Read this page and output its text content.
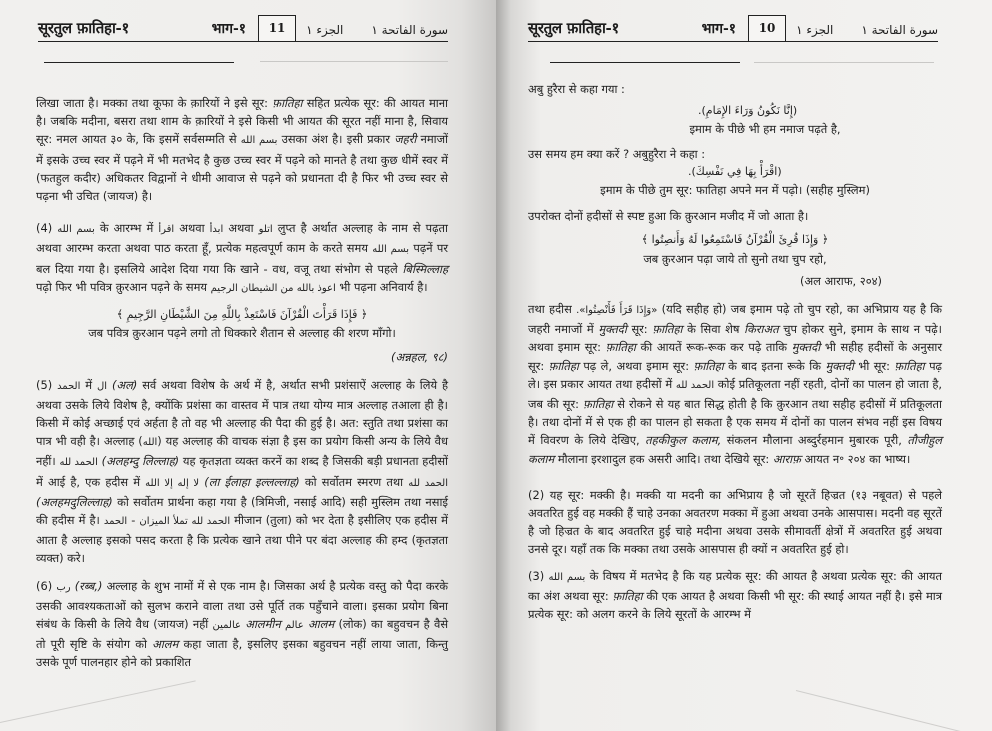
सूरतुल फ़ातिहा-१	भाग-१	11	الجزء ١ سورة الفاتحة ١

लिखा जाता है। मक्का तथा कूफा के क़ारियों ने इसे सूर: फ़ातिहा सहित प्रत्येक सूर: की आयत माना है। जबकि मदीना, बसरा तथा शाम के क़ारियों ने इसे किसी भी आयत की सूरत नहीं माना है, सिवाय सूर: नमल आयत ३० के, कि इसमें सर्वसम्मति से بسم الله उसका अंश है। इसी प्रकार जहरी नमाजों में इसके उच्च स्वर में पढ़ने में भी मतभेद है कुछ उच्च स्वर में पढ़ने को मानते है तथा कुछ धीमें स्वर में (फतहुल कदीर) अधिकतर विद्वानों ने धीमी आवाज से पढ़ने को प्रधानता दी है फिर भी उच्च स्वर से पढ़ना भी उचित (जायज) है।

(4) بسم الله के आरम्भ में اقرأ अथवा ابدأ अथवा اتلو लुप्त है अर्थात अल्लाह के नाम से पढ़ता अथवा आरम्भ करता अथवा पाठ करता हूँ, प्रत्येक महत्वपूर्ण काम के करते समय بسم الله पढ़नें पर बल दिया गया है। इसलिये आदेश दिया गया कि खाने - वध, वजू तथा संभोग से पहले बिस्मिल्लाह पढ़ो फिर भी पवित्र क़ुरआन पढ़ने के समय اعوذ بالله من الشيطان الرجيم भी पढ़ना अनिवार्य है।

﴿ فَإِذَا قَرَأْتَ الْقُرْآنَ فَاسْتَعِذْ بِاللَّهِ مِنَ الشَّيْطَانِ الرَّجِيمِ ﴾

जब पवित्र क़ुरआन पढ़ने लगो तो धिक्कारे शैतान से अल्लाह की शरण माँगो।

(अन्नहल, ९८)

(5) الحمد में ال (अल) सर्व अथवा विशेष के अर्थ में है, अर्थात सभी प्रशंसाऐं अल्लाह के लिये है अथवा उसके लिये विशेष है, क्योंकि प्रशंसा का वास्तव में पात्र तथा योग्य मात्र अल्लाह तआला ही है। किसी में कोई अच्छाई एवं अर्हता है तो वह भी अल्लाह की पैदा की हुई है। अत: स्तुति तथा प्रशंसा का पात्र भी वही है। अल्लाह (الله) यह अल्लाह की वाचक संज्ञा है इस का प्रयोग किसी अन्य के लिये वैध नहीं। الحمد لله (अलहम्दु लिल्लाह) यह कृतज्ञता व्यक्त करनें का शब्द है जिसकी बड़ी प्रधानता हदीसों में आई है, एक हदीस में لا إله إلا الله (ला ईलाहा इल्लल्लाह) को सर्वोतम स्मरण तथा الحمد لله (अलहमदुलिल्लाह) को सर्वोतम प्रार्थना कहा गया है (त्रिमिजी, नसाई आदि) सही मुस्लिम तथा नसाई की हदीस में है।	الحمد لله تملأ الميزان - الحمد	मीजान (तुला) को भर देता है इसीलिए एक हदीस में आता है अल्लाह इसको पसद करता है कि प्रत्येक खाने तथा पीने पर बंदा अल्लाह की हम्द (कृतज्ञता व्यक्त) करे।

(6) رب (रब्ब,) अल्लाह के शुभ नामों में से एक नाम है। जिसका अर्थ है प्रत्येक वस्तु को पैदा करके उसकी आवश्यकताओं को सुलभ कराने वाला तथा उसे पूर्ति तक पहुँचाने वाला। इसका प्रयोग बिना संबंध के किसी के लिये वैध (जायज) नहीं عالمين आलमीन عالم आलम (लोक) का बहुवचन है वैसे तो पूरी सृष्टि के संयोग को आलम कहा जाता है, इसलिए इसका बहुवचन नहीं लाया जाता, किन्तु उसके पूर्ण पालनहार होने को प्रकाशित

सूरतुल फ़ातिहा-१	भाग-१	10	الجزء ١ سورة الفاتحة ١

अबु हुरैरा से कहा गया :

(إِنَّا نَكُونُ وَرَاءَ الإِمَامِ).

इमाम के पीछे भी हम नमाज पढ़ते है,

उस समय हम क्या करें ? अबुहुरैरा ने कहा :

(اقْرَأْ بِهَا فِي نَفْسِكَ).

इमाम के पीछे तुम सूर: फातिहा अपने मन में पढ़ो। (सहीह मुस्लिम)

उपरोक्त दोनों हदीसों से स्पष्ट हुआ कि क़ुरआन मजीद में जो आता है।

﴿ وَإِذَا قُرِئَ الْقُرْآنُ فَاسْتَمِعُوا لَهُ وَأَنصِتُوا ﴾

जब क़ुरआन पढ़ा जाये तो सुनो तथा चुप रहो,

(अल आराफ, २०४)

तथा हदीस «وَإِذَا قَرَأَ فَأَنْصِتُوا». (यदि सहीह हो) जब इमाम पढ़े तो चुप रहो, का अभिप्राय यह है कि जहरी नमाजों में मुक्तदी सूर: फ़ातिहा के सिवा शेष किराअत चुप होकर सुने, इमाम के साथ न पढ़े। अथवा इमाम सूर: फ़ातिहा की आयतें रूक-रूक कर पढ़े ताकि मुक्तदी भी सहीह हदीसों के अनुसार सूर: फ़ातिहा पढ़ ले, अथवा इमाम सूर: फ़ातिहा के बाद इतना रूके कि मुक्तदी भी सूर: फ़ातिहा पढ़ ले। इस प्रकार आयत तथा हदीसों में الحمد لله कोई प्रतिकूलता नहीं रहती, दोनों का पालन हो जाता है, जब की सूर: फ़ातिहा से रोकने से यह बात सिद्ध होती है कि क़ुरआन तथा सहीह हदीसों में प्रतिकूलता है। तथा दोनों में से एक ही का पालन हो सकता है एक समय में दोनों का पालन संभव नहीं इस विषय में विवरण के लिये देखिए, तहकीकुल कलाम, संकलन मौलाना अब्दुर्रहमान मुबारक पूरी, तौजीहुल कलाम मौलाना इरशादुल हक असरी आदि। तथा देखिये सूर: आराफ़ आयत न॰ २०४ का भाष्य।

(2) यह सूर: मक्की है। मक्की या मदनी का अभिप्राय है जो सूरतें हिज्रत (१३ नबूवत) से पहले अवतरित हुई वह मक्की हैं चाहे उनका अवतरण मक्का में हुआ अथवा उनके आसपास। मदनी वह सूरतें है जो हिज्रत के बाद अवतरित हुई चाहे मदीना अथवा उसके सीमावर्ती क्षेत्रों में अवतरित हुई अथवा उनसे दूर। यहाँ तक कि मक्का तथा उसके आसपास ही क्यों न अवतरित हुई हो।

(3) بسم الله के विषय में मतभेद है कि यह प्रत्येक सूर: की आयत है अथवा प्रत्येक सूर: की आयत का अंश अथवा सूर: फ़ातिहा की एक आयत है अथवा किसी भी सूर: की स्थाई आयत नहीं है। इसे मात्र प्रत्येक सूर: को अलग करने के लिये सूरतों के आरम्भ में
